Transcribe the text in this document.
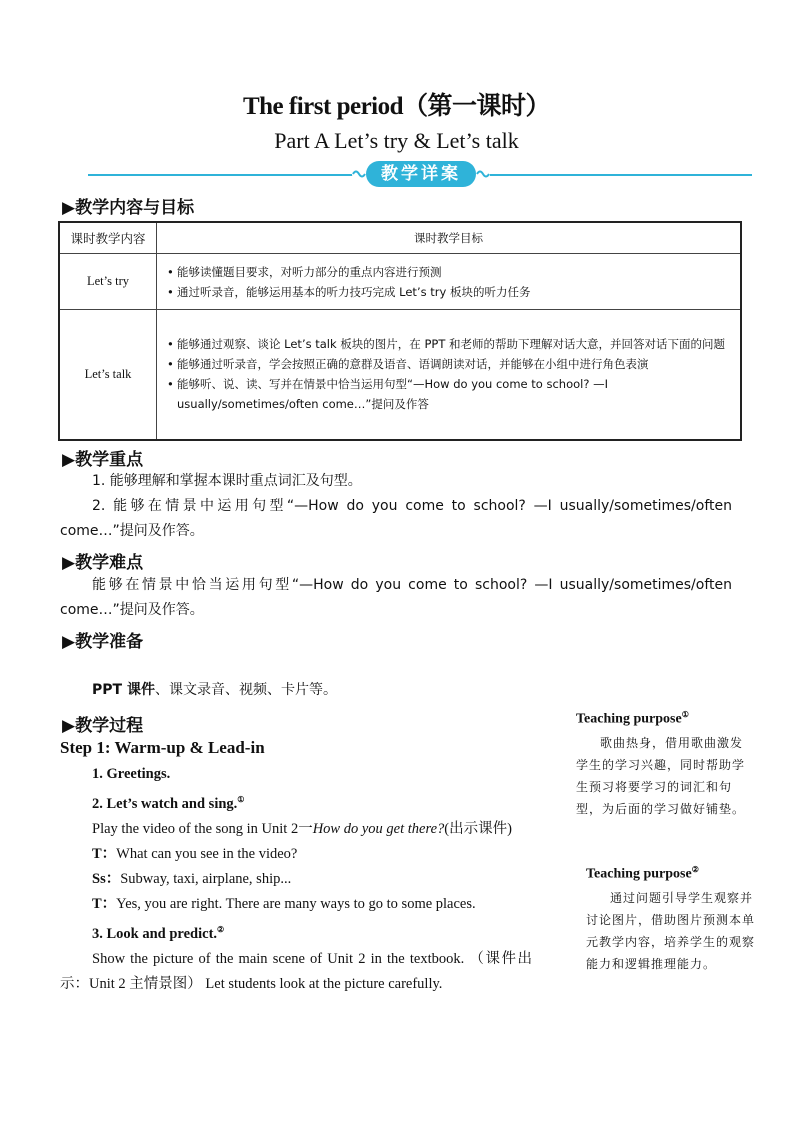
The first period（第一课时）
Part A Let’s try & Let’s talk
教学详案
▶教学内容与目标
课时教学内容	课时教学目标
Let’s try	• 能够读懂题目要求，对听力部分的重点内容进行预测
• 通过听录音，能够运用基本的听力技巧完成 Let’s try 板块的听力任务

Let’s talk	• 能够通过观察、谈论 Let’s talk 板块的图片，在 PPT 和老师的帮助下理解对话大意，并回答对话下面的问题
• 能够通过听录音，学会按照正确的意群及语音、语调朗读对话，并能够在小组中进行角色表演
• 能够听、说、读、写并在情景中恰当运用句型“—How do you come to school? —I usually/sometimes/often come…”提问及作答
▶教学重点
1. 能够理解和掌握本课时重点词汇及句型。
2. 能够在情景中运用句型“—How do you come to school? —I usually/sometimes/often come…”提问及作答。
▶教学难点
能够在情景中恰当运用句型“—How do you come to school? —I usually/sometimes/often come…”提问及作答。
▶教学准备
PPT 课件、课文录音、视频、卡片等。
▶教学过程
Step 1: Warm-up & Lead-in
1. Greetings.
2. Let’s watch and sing.①
Play the video of the song in Unit 2一How do you get there?(出示课件)
T：What can you see in the video?
Ss：Subway, taxi, airplane, ship...
T：Yes, you are right. There are many ways to go to some places.
3. Look and predict.②
Show the picture of the main scene of Unit 2 in the textbook. （课件出示：Unit 2 主情景图） Let students look at the picture carefully.
Teaching purpose①
歌曲热身，借用歌曲激发学生的学习兴趣，同时帮助学生预习将要学习的词汇和句型，为后面的学习做好铺垫。
Teaching purpose②
通过问题引导学生观察并讨论图片，借助图片预测本单元教学内容，培养学生的观察能力和逻辑推理能力。
